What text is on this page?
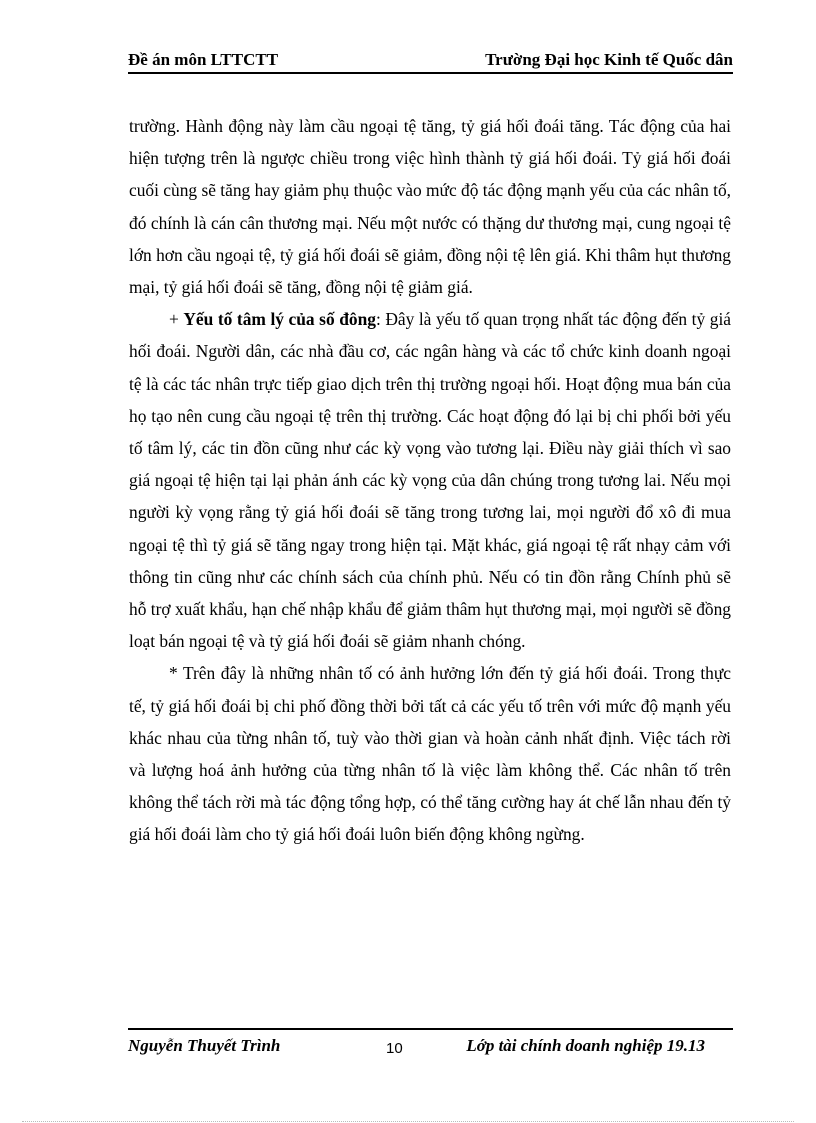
Đề án môn LTTCTT	Trường Đại học Kinh tế Quốc dân

trường. Hành động này làm cầu ngoại tệ tăng, tỷ giá hối đoái tăng. Tác động của hai hiện tượng trên là ngược chiều trong việc hình thành tỷ giá hối đoái. Tỷ giá hối đoái cuối cùng sẽ tăng hay giảm phụ thuộc vào mức độ tác động mạnh yếu của các nhân tố, đó chính là cán cân thương mại. Nếu một nước có thặng dư thương mại, cung ngoại tệ lớn hơn cầu ngoại tệ, tỷ giá hối đoái sẽ giảm, đồng nội tệ lên giá. Khi thâm hụt thương mại, tỷ giá hối đoái sẽ tăng, đồng nội tệ giảm giá.

+ Yếu tố tâm lý của số đông: Đây là yếu tố quan trọng nhất tác động đến tỷ giá hối đoái. Người dân, các nhà đầu cơ, các ngân hàng và các tổ chức kinh doanh ngoại tệ là các tác nhân trực tiếp giao dịch trên thị trường ngoại hối. Hoạt động mua bán của họ tạo nên cung cầu ngoại tệ trên thị trường. Các hoạt động đó lại bị chi phối bởi yếu tố tâm lý, các tin đồn cũng như các kỳ vọng vào tương lại. Điều này giải thích vì sao giá ngoại tệ hiện tại lại phản ánh các kỳ vọng của dân chúng trong tương lai. Nếu mọi người kỳ vọng rằng tỷ giá hối đoái sẽ tăng trong tương lai, mọi người đổ xô đi mua ngoại tệ thì tỷ giá sẽ tăng ngay trong hiện tại. Mặt khác, giá ngoại tệ rất nhạy cảm với thông tin cũng như các chính sách của chính phủ. Nếu có tin đồn rằng Chính phủ sẽ hỗ trợ xuất khẩu, hạn chế nhập khẩu để giảm thâm hụt thương mại, mọi người sẽ đồng loạt bán ngoại tệ và tỷ giá hối đoái sẽ giảm nhanh chóng.

* Trên đây là những nhân tố có ảnh hưởng lớn đến tỷ giá hối đoái. Trong thực tế, tỷ giá hối đoái bị chi phố đồng thời bởi tất cả các yếu tố trên với mức độ mạnh yếu khác nhau của từng nhân tố, tuỳ vào thời gian và hoàn cảnh nhất định. Việc tách rời và lượng hoá ảnh hưởng của từng nhân tố là việc làm không thể. Các nhân tố trên không thể tách rời mà tác động tổng hợp, có thể tăng cường hay át chế lẫn nhau đến tỷ giá hối đoái làm cho tỷ giá hối đoái luôn biến động không ngừng.

Nguyễn Thuyết Trình	10	Lớp tài chính doanh nghiệp 19.13
